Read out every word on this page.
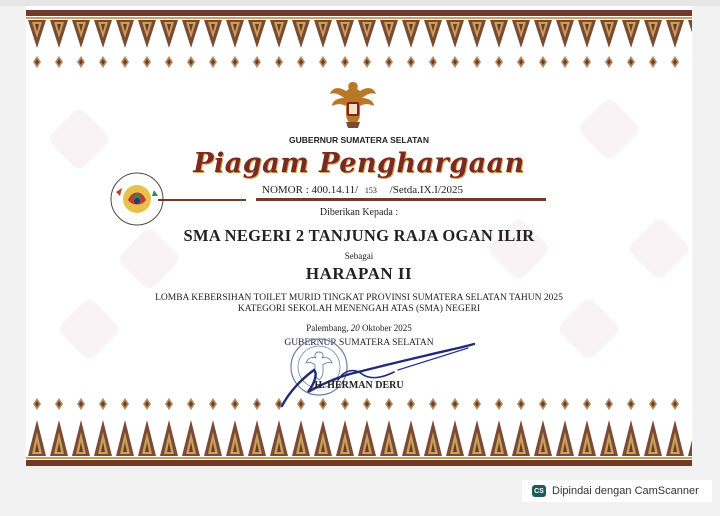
GUBERNUR SUMATERA SELATAN
Piagam Penghargaan
NOMOR : 400.14.11/ 153 /Setda.IX.I/2025
Diberikan Kepada :
SMA NEGERI 2 TANJUNG RAJA OGAN ILIR
Sebagai
HARAPAN II
LOMBA KEBERSIHAN TOILET MURID TINGKAT PROVINSI SUMATERA SELATAN TAHUN 2025
KATEGORI SEKOLAH MENENGAH ATAS (SMA) NEGERI
Palembang, 20 Oktober 2025
GUBERNUR SUMATERA SELATAN
H. HERMAN DERU
CS Dipindai dengan CamScanner
